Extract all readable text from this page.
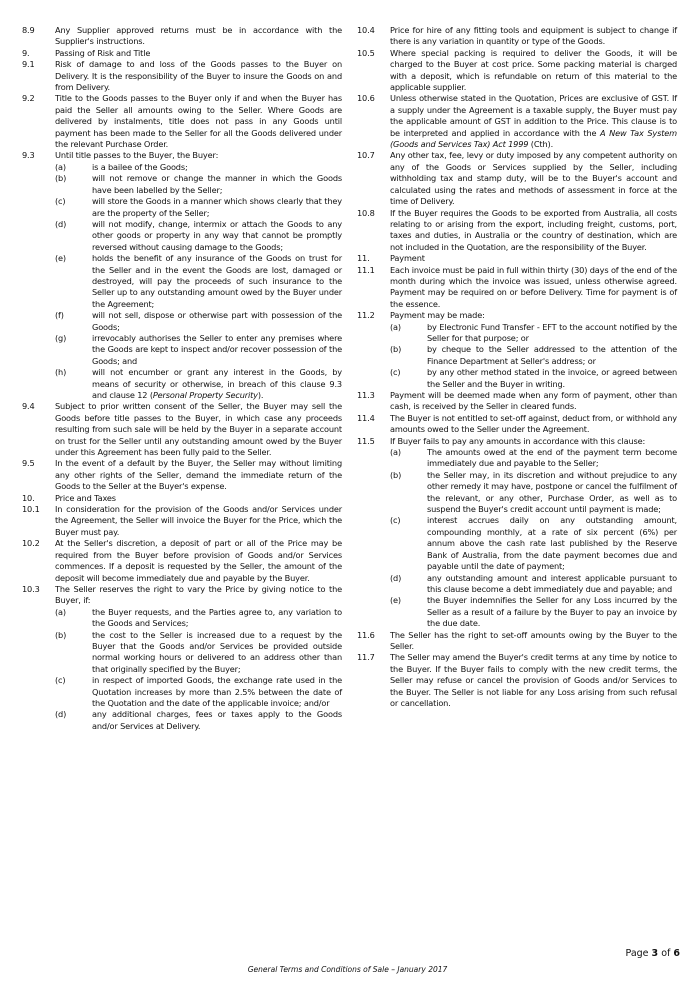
8.9 Any Supplier approved returns must be in accordance with the Supplier's instructions.
9.	Passing of Risk and Title
9.1 Risk of damage to and loss of the Goods passes to the Buyer on Delivery. It is the responsibility of the Buyer to insure the Goods on and from Delivery.
9.2 Title to the Goods passes to the Buyer only if and when the Buyer has paid the Seller all amounts owing to the Seller. Where Goods are delivered by instalments, title does not pass in any Goods until payment has been made to the Seller for all the Goods delivered under the relevant Purchase Order.
9.3 Until title passes to the Buyer, the Buyer:
(a)	is a bailee of the Goods;
(b)	will not remove or change the manner in which the Goods have been labelled by the Seller;
(c)	will store the Goods in a manner which shows clearly that they are the property of the Seller;
(d)	will not modify, change, intermix or attach the Goods to any other goods or property in any way that cannot be promptly reversed without causing damage to the Goods;
(e)	holds the benefit of any insurance of the Goods on trust for the Seller and in the event the Goods are lost, damaged or destroyed, will pay the proceeds of such insurance to the Seller up to any outstanding amount owed by the Buyer under the Agreement;
(f)	will not sell, dispose or otherwise part with possession of the Goods;
(g)	irrevocably authorises the Seller to enter any premises where the Goods are kept to inspect and/or recover possession of the Goods; and
(h)	will not encumber or grant any interest in the Goods, by means of security or otherwise, in breach of this clause 9.3 and clause 12 (Personal Property Security).
9.4 Subject to prior written consent of the Seller, the Buyer may sell the Goods before title passes to the Buyer, in which case any proceeds resulting from such sale will be held by the Buyer in a separate account on trust for the Seller until any outstanding amount owed by the Buyer under this Agreement has been fully paid to the Seller.
9.5 In the event of a default by the Buyer, the Seller may without limiting any other rights of the Seller, demand the immediate return of the Goods to the Seller at the Buyer's expense.
10. Price and Taxes
10.1 In consideration for the provision of the Goods and/or Services under the Agreement, the Seller will invoice the Buyer for the Price, which the Buyer must pay.
10.2 At the Seller's discretion, a deposit of part or all of the Price may be required from the Buyer before provision of Goods and/or Services commences. If a deposit is requested by the Seller, the amount of the deposit will become immediately due and payable by the Buyer.
10.3 The Seller reserves the right to vary the Price by giving notice to the Buyer, if:
(a)	the Buyer requests, and the Parties agree to, any variation to the Goods and Services;
(b)	the cost to the Seller is increased due to a request by the Buyer that the Goods and/or Services be provided outside normal working hours or delivered to an address other than that originally specified by the Buyer;
(c)	in respect of imported Goods, the exchange rate used in the Quotation increases by more than 2.5% between the date of the Quotation and the date of the applicable invoice; and/or
(d)	any additional charges, fees or taxes apply to the Goods and/or Services at Delivery.
10.4 Price for hire of any fitting tools and equipment is subject to change if there is any variation in quantity or type of the Goods.
10.5 Where special packing is required to deliver the Goods, it will be charged to the Buyer at cost price. Some packing material is charged with a deposit, which is refundable on return of this material to the applicable supplier.
10.6 Unless otherwise stated in the Quotation, Prices are exclusive of GST. If a supply under the Agreement is a taxable supply, the Buyer must pay the applicable amount of GST in addition to the Price. This clause is to be interpreted and applied in accordance with the A New Tax System (Goods and Services Tax) Act 1999 (Cth).
10.7 Any other tax, fee, levy or duty imposed by any competent authority on any of the Goods or Services supplied by the Seller, including withholding tax and stamp duty, will be to the Buyer's account and calculated using the rates and methods of assessment in force at the time of Delivery.
10.8 If the Buyer requires the Goods to be exported from Australia, all costs relating to or arising from the export, including freight, customs, port, taxes and duties, in Australia or the country of destination, which are not included in the Quotation, are the responsibility of the Buyer.
11. Payment
11.1 Each invoice must be paid in full within thirty (30) days of the end of the month during which the invoice was issued, unless otherwise agreed. Payment may be required on or before Delivery. Time for payment is of the essence.
11.2 Payment may be made:
(a)	by Electronic Fund Transfer - EFT to the account notified by the Seller for that purpose; or
(b)	by cheque to the Seller addressed to the attention of the Finance Department at Seller's address; or
(c)	by any other method stated in the invoice, or agreed between the Seller and the Buyer in writing.
11.3 Payment will be deemed made when any form of payment, other than cash, is received by the Seller in cleared funds.
11.4 The Buyer is not entitled to set-off against, deduct from, or withhold any amounts owed to the Seller under the Agreement.
11.5 If Buyer fails to pay any amounts in accordance with this clause:
(a)	The amounts owed at the end of the payment term become immediately due and payable to the Seller;
(b)	the Seller may, in its discretion and without prejudice to any other remedy it may have, postpone or cancel the fulfilment of the relevant, or any other, Purchase Order, as well as to suspend the Buyer's credit account until payment is made;
(c)	interest accrues daily on any outstanding amount, compounding monthly, at a rate of six percent (6%) per annum above the cash rate last published by the Reserve Bank of Australia, from the date payment becomes due and payable until the date of payment;
(d)	any outstanding amount and interest applicable pursuant to this clause become a debt immediately due and payable; and
(e)	the Buyer indemnifies the Seller for any Loss incurred by the Seller as a result of a failure by the Buyer to pay an invoice by the due date.
11.6 The Seller has the right to set-off amounts owing by the Buyer to the Seller.
11.7 The Seller may amend the Buyer's credit terms at any time by notice to the Buyer. If the Buyer fails to comply with the new credit terms, the Seller may refuse or cancel the provision of Goods and/or Services to the Buyer. The Seller is not liable for any Loss arising from such refusal or cancellation.
Page 3 of 6
General Terms and Conditions of Sale – January 2017
